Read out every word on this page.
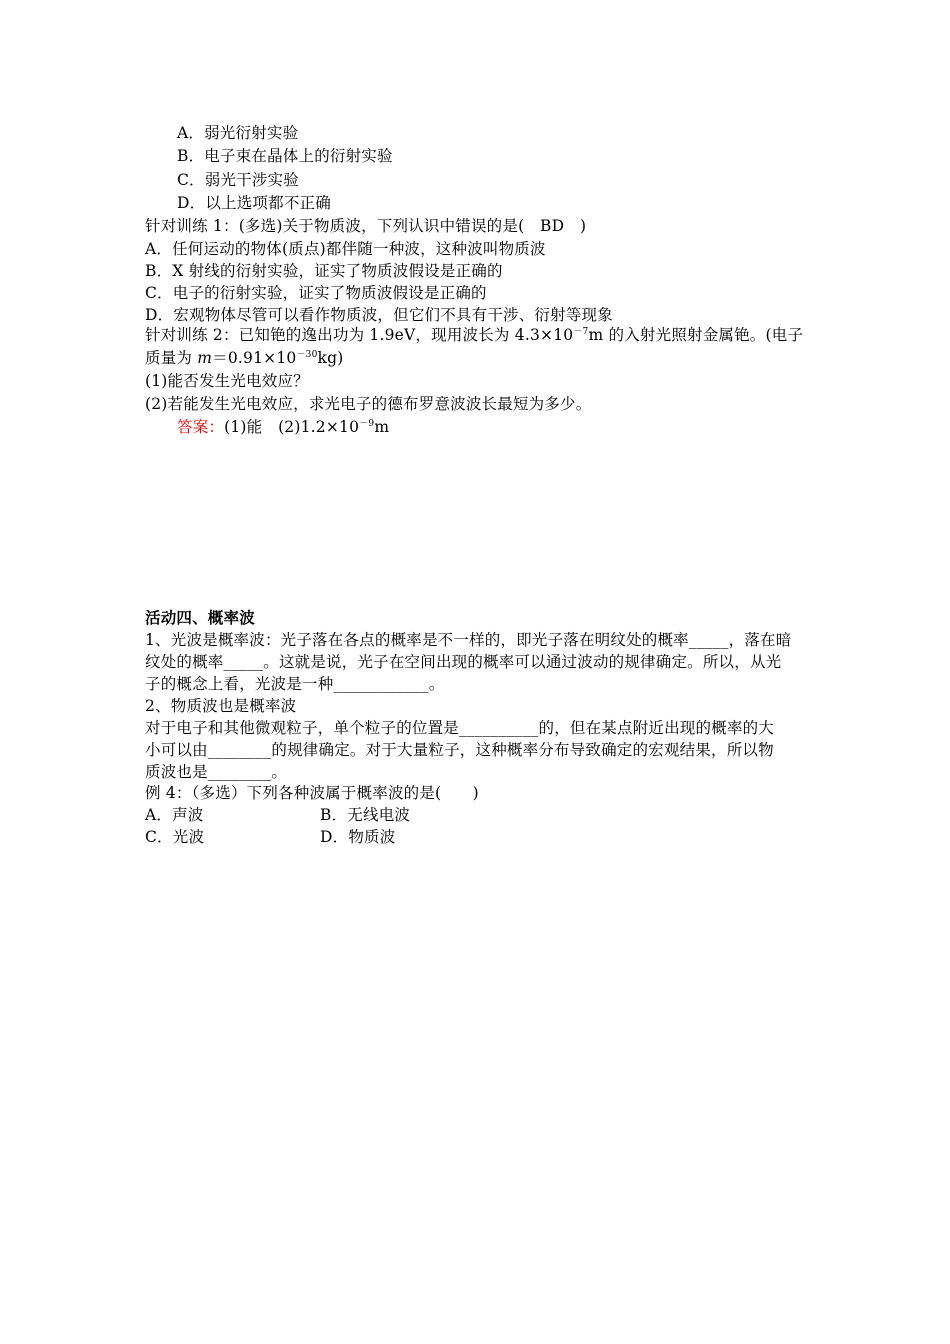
A．弱光衍射实验
B．电子束在晶体上的衍射实验
C．弱光干涉实验
D．以上选项都不正确
针对训练 1：(多选)关于物质波，下列认识中错误的是(　BD　)
A．任何运动的物体(质点)都伴随一种波，这种波叫物质波
B．X 射线的衍射实验，证实了物质波假设是正确的
C．电子的衍射实验，证实了物质波假设是正确的
D．宏观物体尽管可以看作物质波，但它们不具有干涉、衍射等现象
针对训练 2：已知铯的逸出功为 1.9eV，现用波长为 $4.3\times 10^{-7}m$ 的入射光照射金属铯。(电子
质量为 $m=0.91\times 10^{-30}kg$)
(1)能否发生光电效应？
(2)若能发生光电效应，求光电子的德布罗意波波长最短为多少。
答案：(1)能　$(2)1.2\times 10^{-9}m$
活动四、概率波
1、光波是概率波：光子落在各点的概率是不一样的，即光子落在明纹处的概率_____，落在暗
纹处的概率_____。这就是说，光子在空间出现的概率可以通过波动的规律确定。所以，从光
子的概念上看，光波是一种____________。
2、物质波也是概率波
对于电子和其他微观粒子，单个粒子的位置是__________的，但在某点附近出现的概率的大
小可以由________的规律确定。对于大量粒子，这种概率分布导致确定的宏观结果，所以物
质波也是________。
例 4：（多选）下列各种波属于概率波的是(　　)
A．声波	B．无线电波
C．光波	D．物质波
